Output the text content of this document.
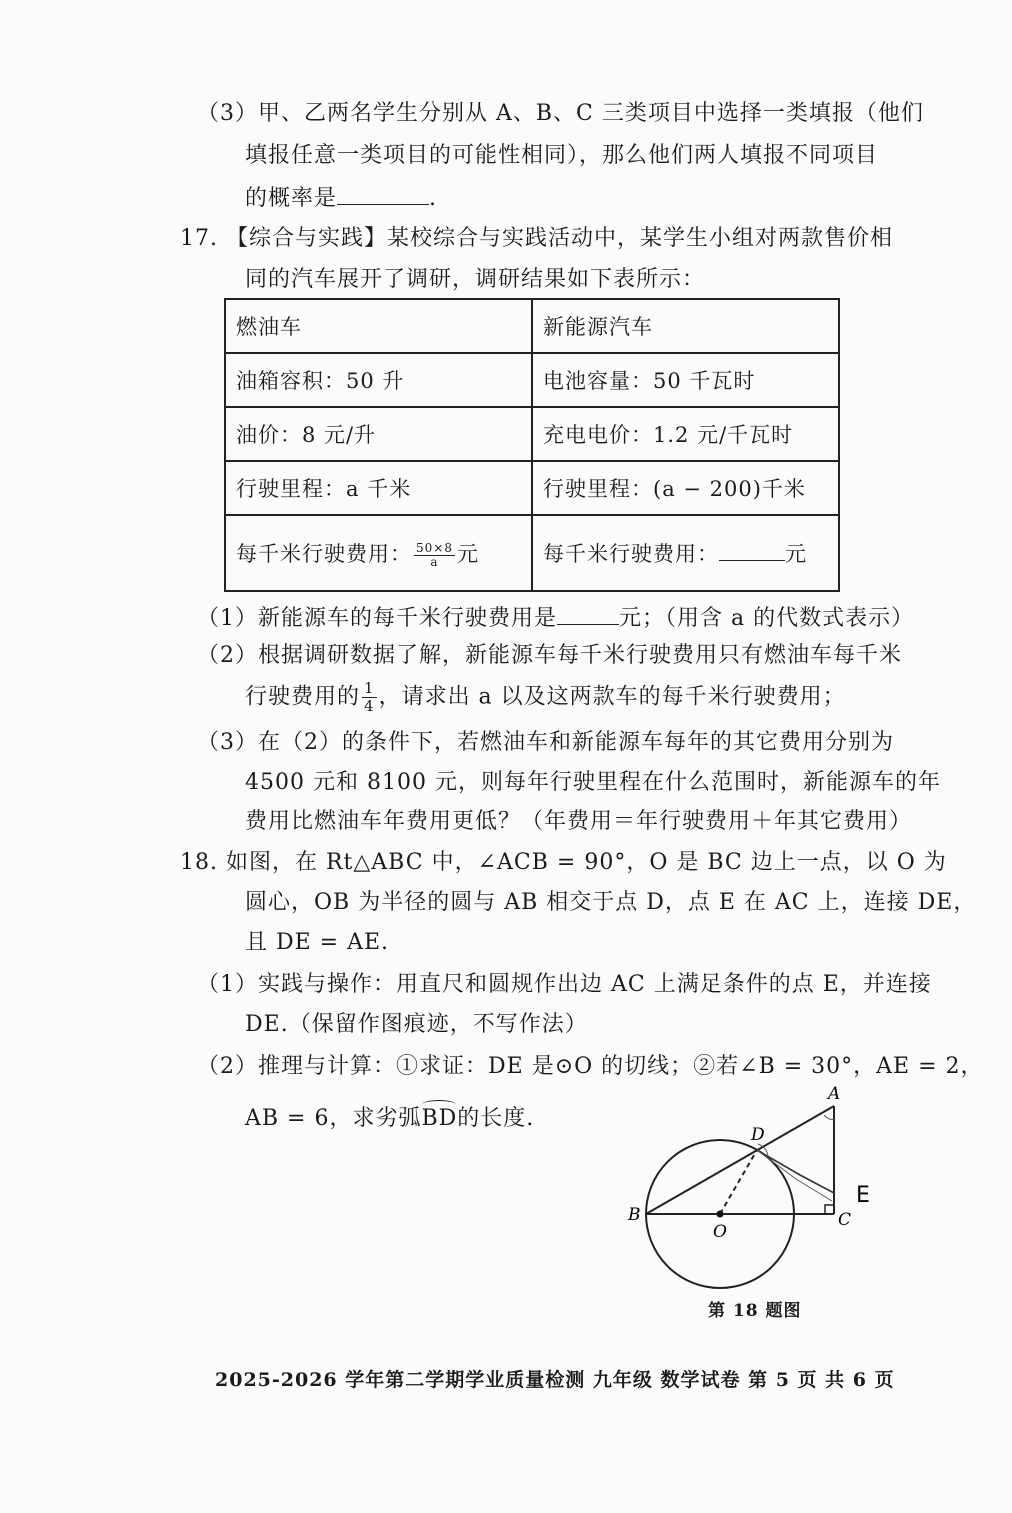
（3）甲、乙两名学生分别从 A、B、C 三类项目中选择一类填报（他们
填报任意一类项目的可能性相同），那么他们两人填报不同项目
的概率是	.
17. 【综合与实践】某校综合与实践活动中，某学生小组对两款售价相
同的汽车展开了调研，调研结果如下表所示：
燃油车	新能源汽车
油箱容积：50 升	电池容量：50 千瓦时
油价：8 元/升	充电电价：1.2 元/千瓦时
行驶里程：a 千米	行驶里程：(a − 200)千米
每千米行驶费用： $\frac{50\times 8}{a}$ 元	每千米行驶费用： 元
（1）新能源车的每千米行驶费用是	元；（用含 a 的代数式表示）
（2）根据调研数据了解，新能源车每千米行驶费用只有燃油车每千米
行驶费用的 $\frac{1}{4}$ ，请求出 a 以及这两款车的每千米行驶费用；
（3）在（2）的条件下，若燃油车和新能源车每年的其它费用分别为
4500 元和 8100 元，则每年行驶里程在什么范围时，新能源车的年
费用比燃油车年费用更低？（年费用＝年行驶费用＋年其它费用）
18. 如图，在 Rt△ABC 中，∠ACB = 90°，O 是 BC 边上一点，以 O 为
圆心，OB 为半径的圆与 AB 相交于点 D，点 E 在 AC 上，连接 DE，
且 DE = AE.
（1）实践与操作：用直尺和圆规作出边 AC 上满足条件的点 E，并连接
DE.（保留作图痕迹，不写作法）
（2）推理与计算：①求证：DE 是⊙O 的切线；②若∠B = 30°，AE = 2，
AB = 6，求劣弧BD的长度.
A
B	C
D
O
E
第 18 题图
2025-2026 学年第二学期学业质量检测 九年级 数学试卷 第 5 页 共 6 页
